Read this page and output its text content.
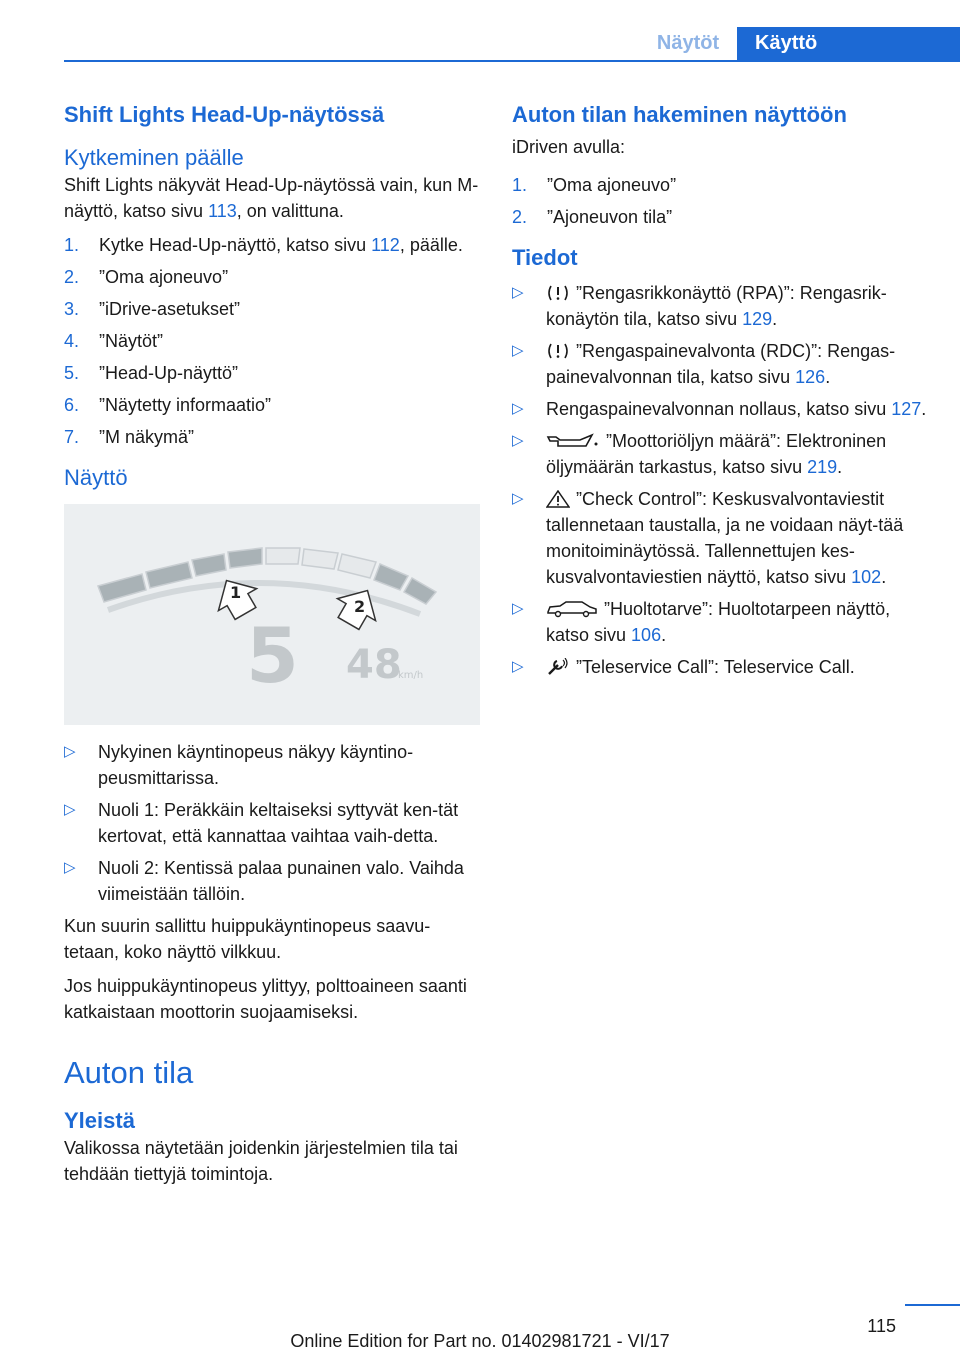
Näytöt	Käyttö
Shift Lights Head-Up-näytössä
Kytkeminen päälle

Shift Lights näkyvät Head-Up-näytössä vain, kun M-näyttö, katso sivu 113, on valittuna.

1.	Kytke Head-Up-näyttö, katso sivu 112, päälle.
2.	”Oma ajoneuvo”
3.	”iDrive-asetukset”
4.	”Näytöt”
5.	”Head-Up-näyttö”
6.	”Näytetty informaatio”
7.	”M näkymä”
Näyttö
1
2
5 48
km/h
▷	Nykyinen käyntinopeus näkyy käyntino-peusmittarissa.
▷	Nuoli 1: Peräkkäin keltaiseksi syttyvät ken-tät kertovat, että kannattaa vaihtaa vaih-detta.
▷	Nuoli 2: Kentissä palaa punainen valo. Vaihda viimeistään tällöin.

Kun suurin sallittu huippukäyntinopeus saavu-tetaan, koko näyttö vilkkuu.

Jos huippukäyntinopeus ylittyy, polttoaineen saanti katkaistaan moottorin suojaamiseksi.

Auton tila
Yleistä

Valikossa näytetään joidenkin järjestelmien tila tai tehdään tiettyjä toimintoja.

Auton tilan hakeminen näyttöön

iDriven avulla:

1.	”Oma ajoneuvo”
2.	”Ajoneuvon tila”
Tiedot
▷	”Rengasrikkonäyttö (RPA)”: Rengasrik-konäytön tila, katso sivu 129.
▷	”Rengaspainevalvonta (RDC)”: Rengas-painevalvonnan tila, katso sivu 126.
▷	Rengaspainevalvonnan nollaus, katso sivu 127.
▷	”Moottoriöljyn määrä”: Elektroninen öljymäärän tarkastus, katso sivu 219.
▷	”Check Control”: Keskusvalvontaviestit tallennetaan taustalla, ja ne voidaan näyt-tää monitoiminäytössä. Tallennettujen kes-kusvalvontaviestien näyttö, katso sivu 102.
▷	”Huoltotarve”: Huoltotarpeen näyttö, katso sivu 106.
▷	”Teleservice Call”: Teleservice Call.
115
Online Edition for Part no. 01402981721 - VI/17
